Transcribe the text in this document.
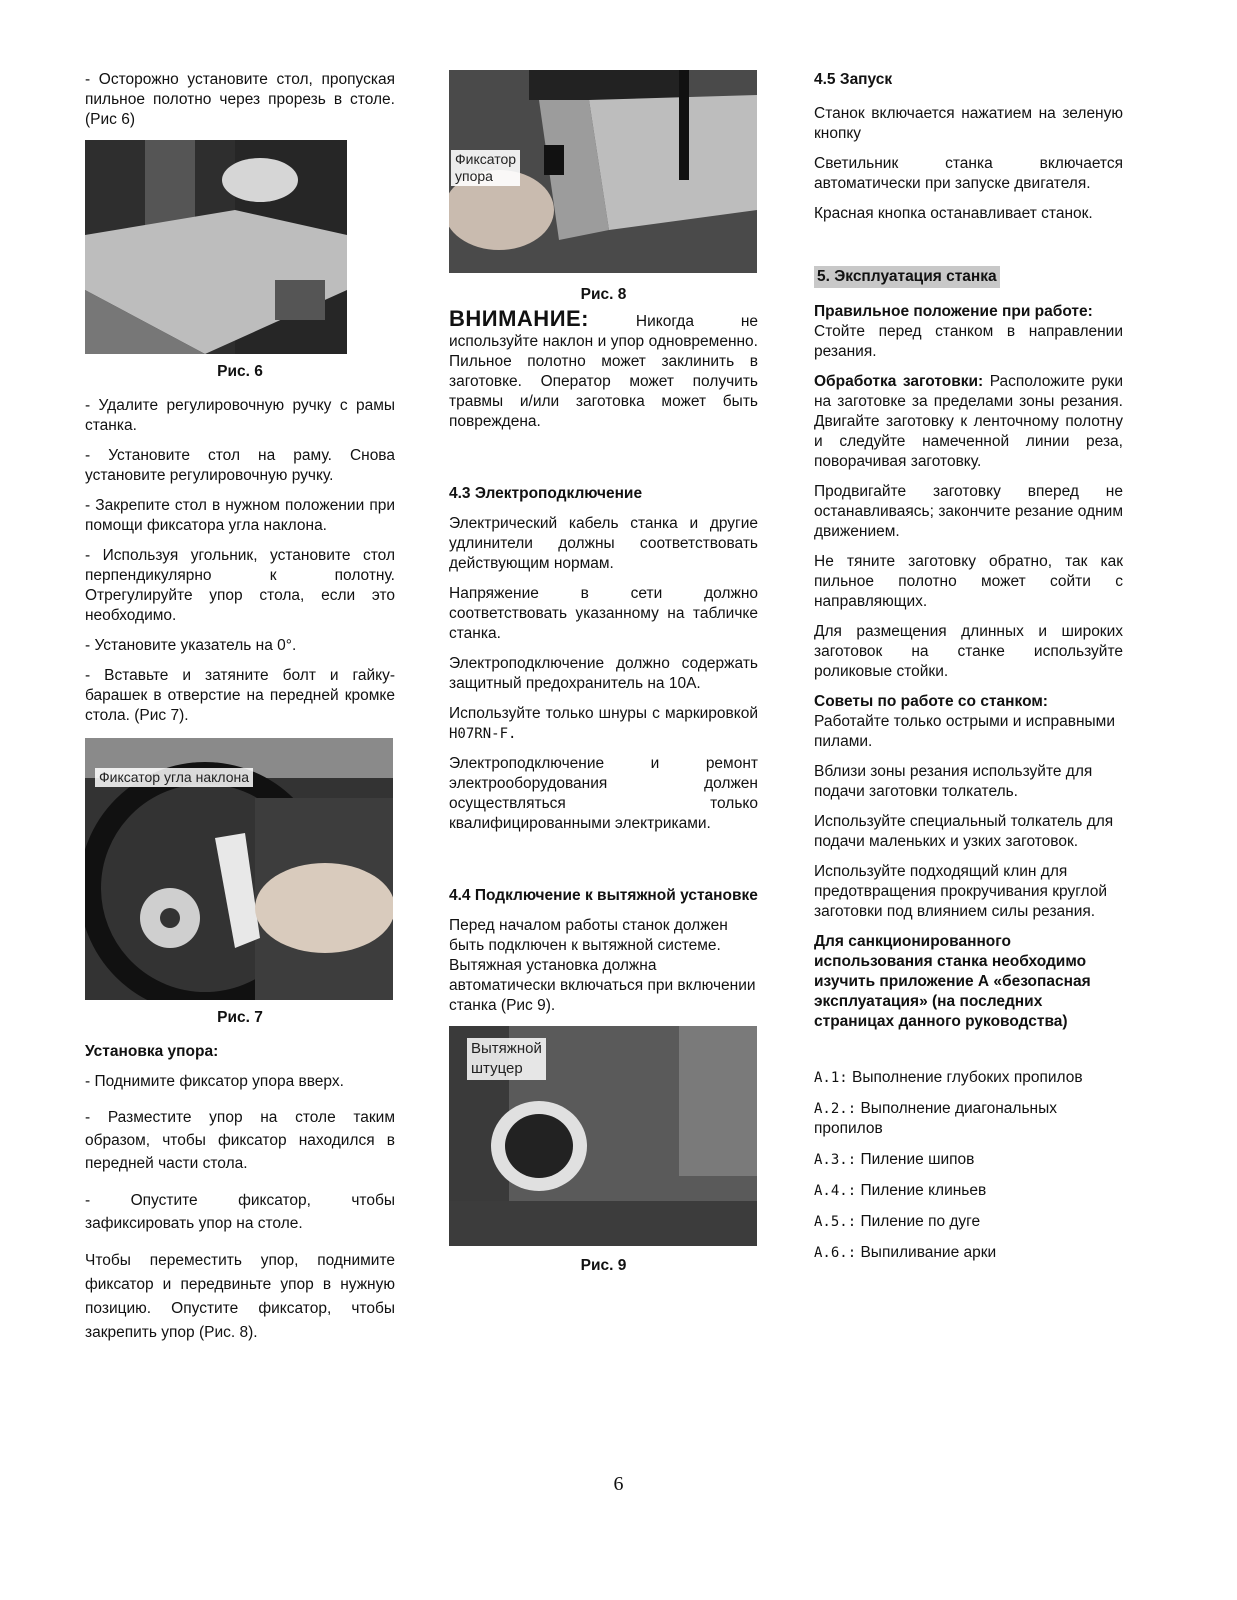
- Осторожно установите стол, пропуская пильное полотно через прорезь в столе. (Рис 6)

Рис. 6

- Удалите регулировочную ручку с рамы станка.

- Установите стол на раму. Снова установите регулировочную ручку.

- Закрепите стол в нужном положении при помощи фиксатора угла наклона.

- Используя угольник, установите стол перпендикулярно к полотну. Отрегулируйте упор стола, если это необходимо.

- Установите указатель на 0°.

- Вставьте и затяните болт и гайку-барашек в отверстие на передней кромке стола. (Рис 7).

Фиксатор угла наклона

Рис. 7

Установка упора:

- Поднимите фиксатор упора вверх.

- Разместите упор на столе таким образом, чтобы фиксатор находился в передней части стола.

- Опустите фиксатор, чтобы зафиксировать упор на столе.

Чтобы переместить упор, поднимите фиксатор и передвиньте упор в нужную позицию. Опустите фиксатор, чтобы закрепить упор (Рис. 8).

Фиксатор
упора

Рис. 8

ВНИМАНИЕ: Никогда не используйте наклон и упор одновременно. Пильное полотно может заклинить в заготовке. Оператор может получить травмы и/или заготовка может быть повреждена.

4.3 Электроподключение

Электрический кабель станка и другие удлинители должны соответствовать действующим нормам.

Напряжение в сети должно соответствовать указанному на табличке станка.

Электроподключение должно содержать защитный предохранитель на 10А.

Используйте только шнуры с маркировкой H07RN-F.

Электроподключение и ремонт электрооборудования должен осуществляться только квалифицированными электриками.

4.4 Подключение к вытяжной установке

Перед началом работы станок должен быть подключен к вытяжной системе. Вытяжная установка должна автоматически включаться при включении станка (Рис 9).

Вытяжной
штуцер

Рис. 9

4.5 Запуск

Станок включается нажатием на зеленую кнопку

Светильник станка включается автоматически при запуске двигателя.

Красная кнопка останавливает станок.

5. Эксплуатация станка

Правильное положение при работе:
Стойте перед станком в направлении резания.

Обработка заготовки: Расположите руки на заготовке за пределами зоны резания. Двигайте заготовку к ленточному полотну и следуйте намеченной линии реза, поворачивая заготовку.

Продвигайте заготовку вперед не останавливаясь; закончите резание одним движением.

Не тяните заготовку обратно, так как пильное полотно может сойти с направляющих.

Для размещения длинных и широких заготовок на станке используйте роликовые стойки.

Советы по работе со станком:
Работайте только острыми и исправными пилами.

Вблизи зоны резания используйте для подачи заготовки толкатель.

Используйте специальный толкатель для подачи маленьких и узких заготовок.

Используйте подходящий клин для предотвращения прокручивания круглой заготовки под влиянием силы резания.

Для санкционированного использования станка необходимо изучить приложение А «безопасная эксплуатация» (на последних страницах данного руководства)

A.1: Выполнение глубоких пропилов

A.2.: Выполнение диагональных пропилов

A.3.: Пиление шипов

A.4.: Пиление клиньев

A.5.: Пиление по дуге

A.6.: Выпиливание арки

6
